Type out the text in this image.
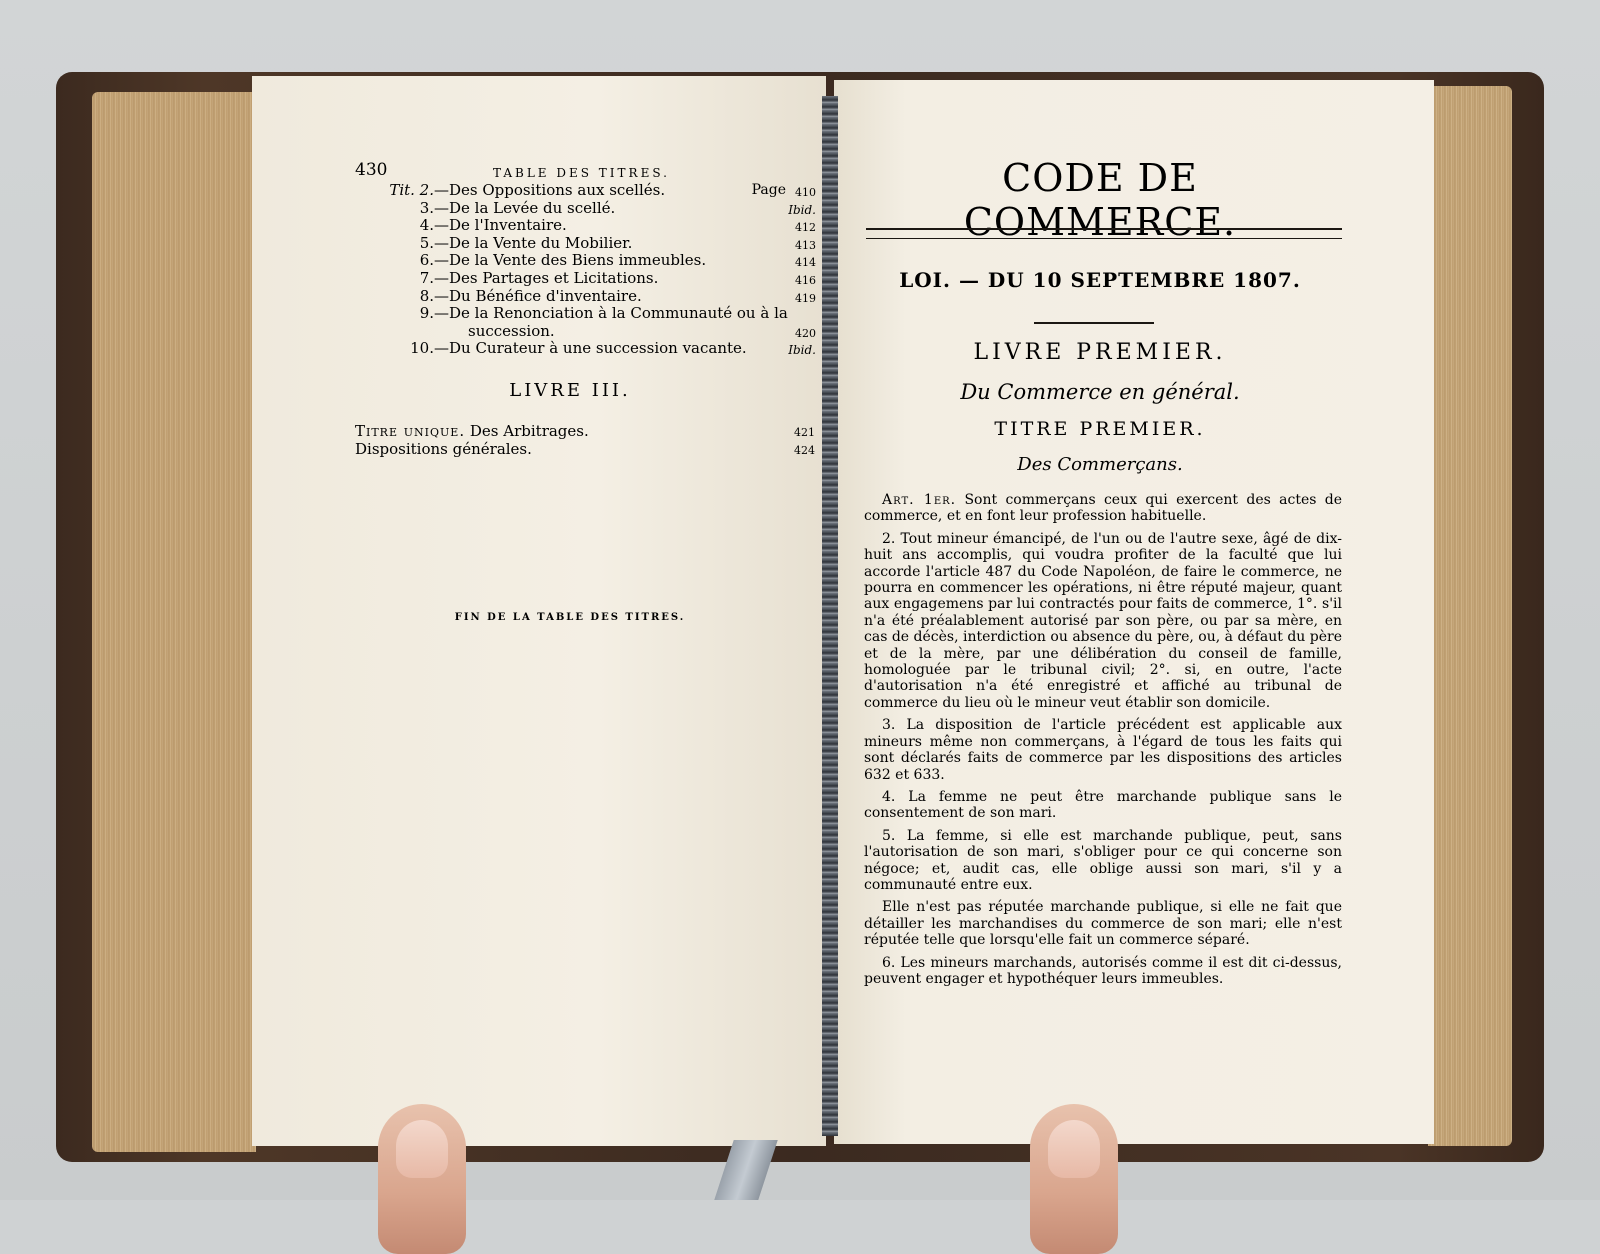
430	TABLE DES TITRES.
Tit. 2.—Des Oppositions aux scellés.	Page 410
3.—De la Levée du scellé.	Ibid.
4.—De l'Inventaire.	412
5.—De la Vente du Mobilier.	413
6.—De la Vente des Biens immeubles.	414
7.—Des Partages et Licitations.	416
8.—Du Bénéfice d'inventaire.	419
9.—De la Renonciation à la Communauté ou à la
succession.	420
10.—Du Curateur à une succession vacante.	Ibid.
LIVRE III.
Titre unique. Des Arbitrages.	421
Dispositions générales.	424
FIN DE LA TABLE DES TITRES.
CODE DE COMMERCE.
LOI. — DU 10 SEPTEMBRE 1807.
LIVRE PREMIER.
Du Commerce en général.
TITRE PREMIER.
Des Commerçans.

Art. 1er. Sont commerçans ceux qui exercent des actes de commerce, et en font leur profession habituelle.

2. Tout mineur émancipé, de l'un ou de l'autre sexe, âgé de dix-huit ans accomplis, qui voudra profiter de la faculté que lui accorde l'article 487 du Code Napoléon, de faire le commerce, ne pourra en commencer les opérations, ni être réputé majeur, quant aux engagemens par lui contractés pour faits de commerce, 1°. s'il n'a été préalablement autorisé par son père, ou par sa mère, en cas de décès, interdiction ou absence du père, ou, à défaut du père et de la mère, par une délibération du conseil de famille, homologuée par le tribunal civil; 2°. si, en outre, l'acte d'autorisation n'a été enregistré et affiché au tribunal de commerce du lieu où le mineur veut établir son domicile.

3. La disposition de l'article précédent est applicable aux mineurs même non commerçans, à l'égard de tous les faits qui sont déclarés faits de commerce par les dispositions des articles 632 et 633.

4. La femme ne peut être marchande publique sans le consentement de son mari.

5. La femme, si elle est marchande publique, peut, sans l'autorisation de son mari, s'obliger pour ce qui concerne son négoce; et, audit cas, elle oblige aussi son mari, s'il y a communauté entre eux.

Elle n'est pas réputée marchande publique, si elle ne fait que détailler les marchandises du commerce de son mari; elle n'est réputée telle que lorsqu'elle fait un commerce séparé.

6. Les mineurs marchands, autorisés comme il est dit ci-dessus, peuvent engager et hypothéquer leurs immeubles.
